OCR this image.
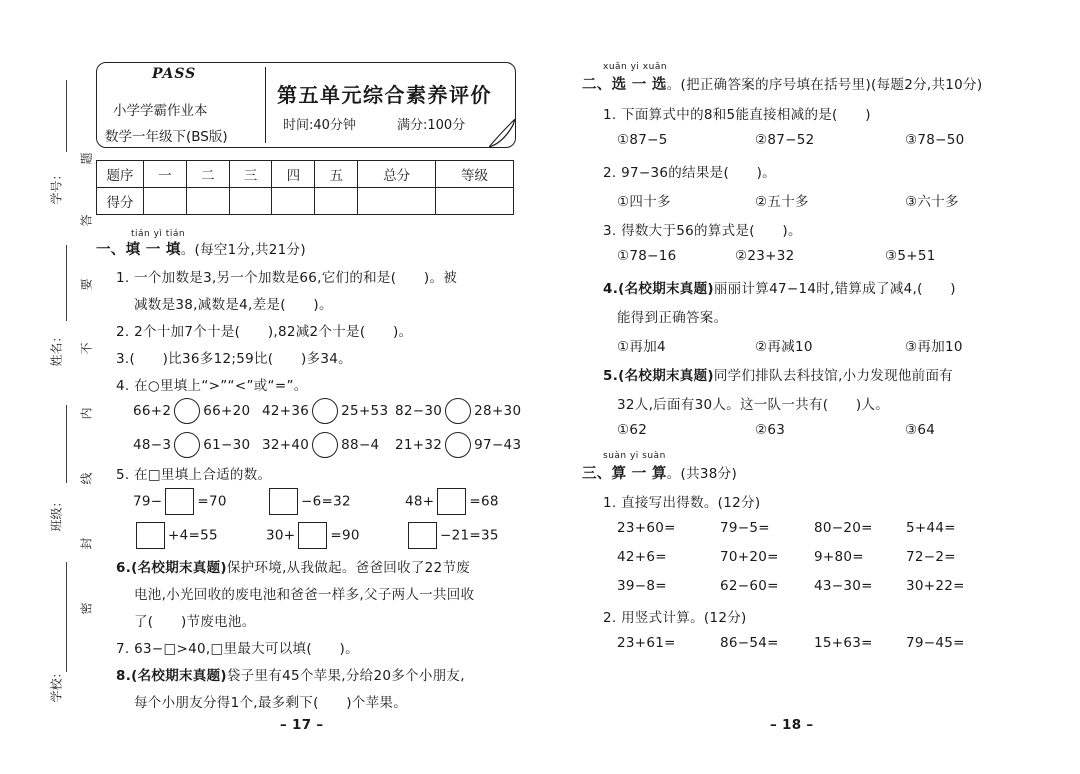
学号：
姓名：
班级：
学校：
题
答
要
不
内
线
封
密
PASS
小学学霸作业本
数学一年级下(BS版)
第五单元综合素养评价
时间:40分钟	满分:100分
题序	一	二	三	四	五	总分	等级
得分							
tián yì tián
一、填 一 填。(每空1分,共21分)
1. 一个加数是3,另一个加数是66,它们的和是(　　)。被
减数是38,减数是4,差是(　　)。
2. 2个十加7个十是(　　),82减2个十是(　　)。
3.(　　)比36多12;59比(　　)多34。
4. 在○里填上“>”“<”或“=”。
66+2 66+20 42+36 25+53 82−30 28+30
48−3 61−30 32+40 88−4 21+32 97−43
5. 在□里填上合适的数。
79−	=70	−6=32	48+	=68
+4=55	30+	=90	−21=35
6.(名校期末真题)保护环境,从我做起。爸爸回收了22节废
电池,小光回收的废电池和爸爸一样多,父子两人一共回收
了(　　)节废电池。
7. 63−□>40,□里最大可以填(　　)。
8.(名校期末真题)袋子里有45个苹果,分给20多个小朋友,
每个小朋友分得1个,最多剩下(　　)个苹果。
– 17 –
xuǎn yi xuǎn
二、选 一 选。(把正确答案的序号填在括号里)(每题2分,共10分)
1. 下面算式中的8和5能直接相减的是(　　)
①87−5	②87−52	③78−50
2. 97−36的结果是(　　)。
①四十多	②五十多	③六十多
3. 得数大于56的算式是(　　)。
①78−16	②23+32	③5+51
4.(名校期末真题)丽丽计算47−14时,错算成了减4,(　　)
能得到正确答案。
①再加4	②再减10	③再加10
5.(名校期末真题)同学们排队去科技馆,小力发现他前面有
32人,后面有30人。这一队一共有(　　)人。
①62	②63	③64
suàn yi suàn
三、算 一 算。(共38分)
1. 直接写出得数。(12分)
23+60=	79−5=	80−20= 5+44=
42+6=	70+20=	9+80=	72−2=
39−8=	62−60=	43−30= 30+22=
2. 用竖式计算。(12分)
23+61=	86−54=	15+63= 79−45=
– 18 –
